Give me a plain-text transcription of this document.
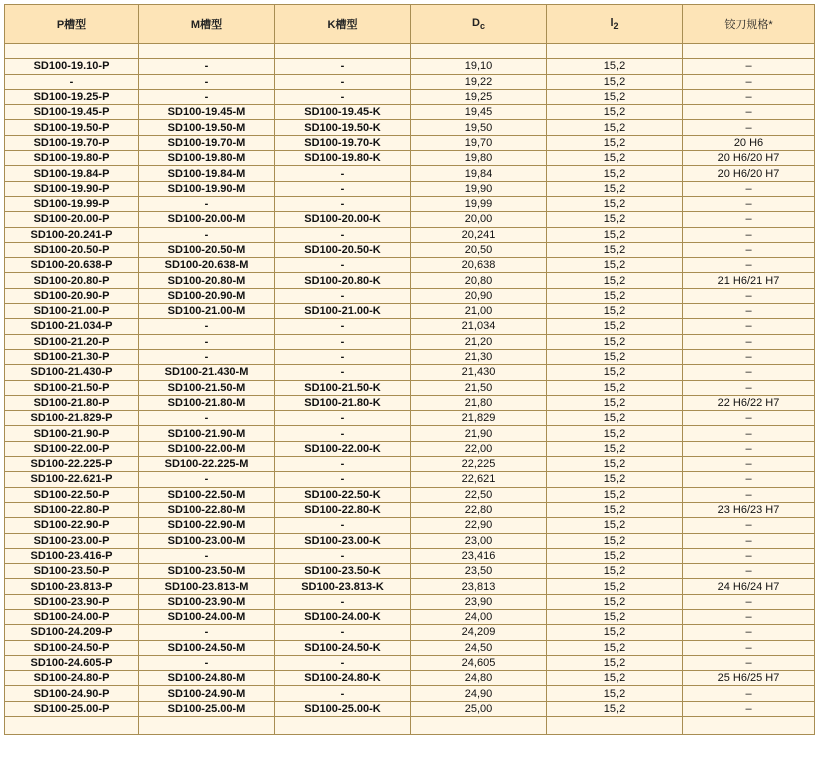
P槽型	M槽型	K槽型	$D_c$	$l_2$	铰刀规格*

SD100-19.10-P	-	-	19,10	15,2	–
-	-	-	19,22	15,2	–
SD100-19.25-P	-	-	19,25	15,2	–
SD100-19.45-P	SD100-19.45-M	SD100-19.45-K	19,45	15,2	–
SD100-19.50-P	SD100-19.50-M	SD100-19.50-K	19,50	15,2	–
SD100-19.70-P	SD100-19.70-M	SD100-19.70-K	19,70	15,2	20 H6
SD100-19.80-P	SD100-19.80-M	SD100-19.80-K	19,80	15,2	20 H6/20 H7
SD100-19.84-P	SD100-19.84-M	-	19,84	15,2	20 H6/20 H7
SD100-19.90-P	SD100-19.90-M	-	19,90	15,2	–
SD100-19.99-P	-	-	19,99	15,2	–
SD100-20.00-P	SD100-20.00-M	SD100-20.00-K	20,00	15,2	–
SD100-20.241-P	-	-	20,241	15,2	–
SD100-20.50-P	SD100-20.50-M	SD100-20.50-K	20,50	15,2	–
SD100-20.638-P	SD100-20.638-M	-	20,638	15,2	–
SD100-20.80-P	SD100-20.80-M	SD100-20.80-K	20,80	15,2	21 H6/21 H7
SD100-20.90-P	SD100-20.90-M	-	20,90	15,2	–
SD100-21.00-P	SD100-21.00-M	SD100-21.00-K	21,00	15,2	–
SD100-21.034-P	-	-	21,034	15,2	–
SD100-21.20-P	-	-	21,20	15,2	–
SD100-21.30-P	-	-	21,30	15,2	–
SD100-21.430-P	SD100-21.430-M	-	21,430	15,2	–
SD100-21.50-P	SD100-21.50-M	SD100-21.50-K	21,50	15,2	–
SD100-21.80-P	SD100-21.80-M	SD100-21.80-K	21,80	15,2	22 H6/22 H7
SD100-21.829-P	-	-	21,829	15,2	–
SD100-21.90-P	SD100-21.90-M	-	21,90	15,2	–
SD100-22.00-P	SD100-22.00-M	SD100-22.00-K	22,00	15,2	–
SD100-22.225-P	SD100-22.225-M	-	22,225	15,2	–
SD100-22.621-P	-	-	22,621	15,2	–
SD100-22.50-P	SD100-22.50-M	SD100-22.50-K	22,50	15,2	–
SD100-22.80-P	SD100-22.80-M	SD100-22.80-K	22,80	15,2	23 H6/23 H7
SD100-22.90-P	SD100-22.90-M	-	22,90	15,2	–
SD100-23.00-P	SD100-23.00-M	SD100-23.00-K	23,00	15,2	–
SD100-23.416-P	-	-	23,416	15,2	–
SD100-23.50-P	SD100-23.50-M	SD100-23.50-K	23,50	15,2	–
SD100-23.813-P	SD100-23.813-M	SD100-23.813-K	23,813	15,2	24 H6/24 H7
SD100-23.90-P	SD100-23.90-M	-	23,90	15,2	–
SD100-24.00-P	SD100-24.00-M	SD100-24.00-K	24,00	15,2	–
SD100-24.209-P	-	-	24,209	15,2	–
SD100-24.50-P	SD100-24.50-M	SD100-24.50-K	24,50	15,2	–
SD100-24.605-P	-	-	24,605	15,2	–
SD100-24.80-P	SD100-24.80-M	SD100-24.80-K	24,80	15,2	25 H6/25 H7
SD100-24.90-P	SD100-24.90-M	-	24,90	15,2	–
SD100-25.00-P	SD100-25.00-M	SD100-25.00-K	25,00	15,2	–
